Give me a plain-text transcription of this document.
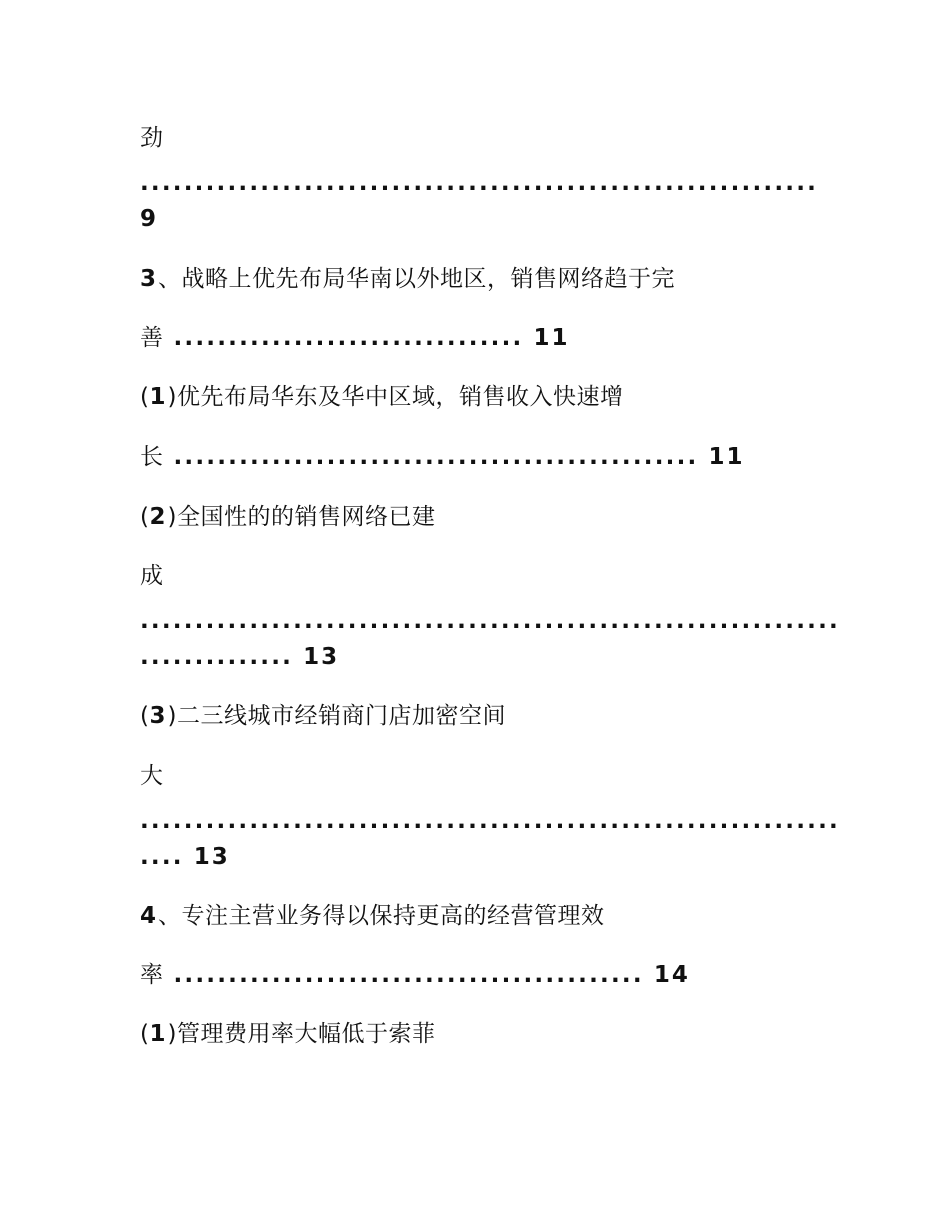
劲
..............................................................
9
3、战略上优先布局华南以外地区，销售网络趋于完
善 ................................ 11
(1)优先布局华东及华中区域，销售收入快速增
长 ................................................ 11
(2)全国性的的销售网络已建
成
................................................................
.............. 13
(3)二三线城市经销商门店加密空间
大
................................................................
.... 13
4、专注主营业务得以保持更高的经营管理效
率 ........................................... 14
(1)管理费用率大幅低于索菲
